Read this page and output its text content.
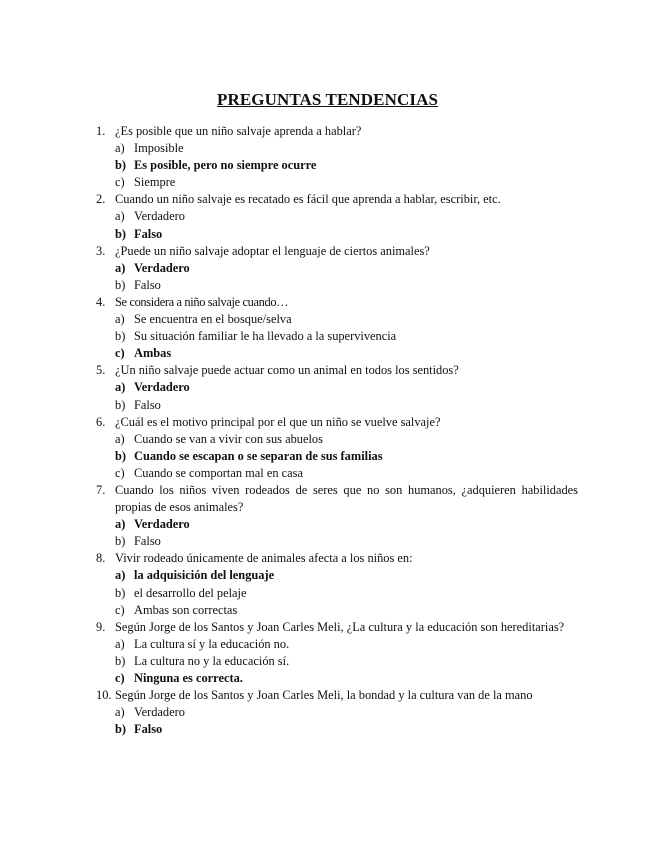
PREGUNTAS TENDENCIAS
1. ¿Es posible que un niño salvaje aprenda a hablar?
a) Imposible
b) Es posible, pero no siempre ocurre
c) Siempre
2. Cuando un niño salvaje es recatado es fácil que aprenda a hablar, escribir, etc.
a) Verdadero
b) Falso
3. ¿Puede un niño salvaje adoptar el lenguaje de ciertos animales?
a) Verdadero
b) Falso
4. Se considera a niño salvaje cuando…
a) Se encuentra en el bosque/selva
b) Su situación familiar le ha llevado a la supervivencia
c) Ambas
5. ¿Un niño salvaje puede actuar como un animal en todos los sentidos?
a) Verdadero
b) Falso
6. ¿Cuál es el motivo principal por el que un niño se vuelve salvaje?
a) Cuando se van a vivir con sus abuelos
b) Cuando se escapan o se separan de sus familias
c) Cuando se comportan mal en casa
7. Cuando los niños viven rodeados de seres que no son humanos, ¿adquieren habilidades propias de esos animales?
a) Verdadero
b) Falso
8. Vivir rodeado únicamente de animales afecta a los niños en:
a) la adquisición del lenguaje
b) el desarrollo del pelaje
c) Ambas son correctas
9. Según Jorge de los Santos y Joan Carles Meli, ¿La cultura y la educación son hereditarias?
a) La cultura sí y la educación no.
b) La cultura no y la educación sí.
c) Ninguna es correcta.
10. Según Jorge de los Santos y Joan Carles Meli, la bondad y la cultura van de la mano
a) Verdadero
b) Falso
